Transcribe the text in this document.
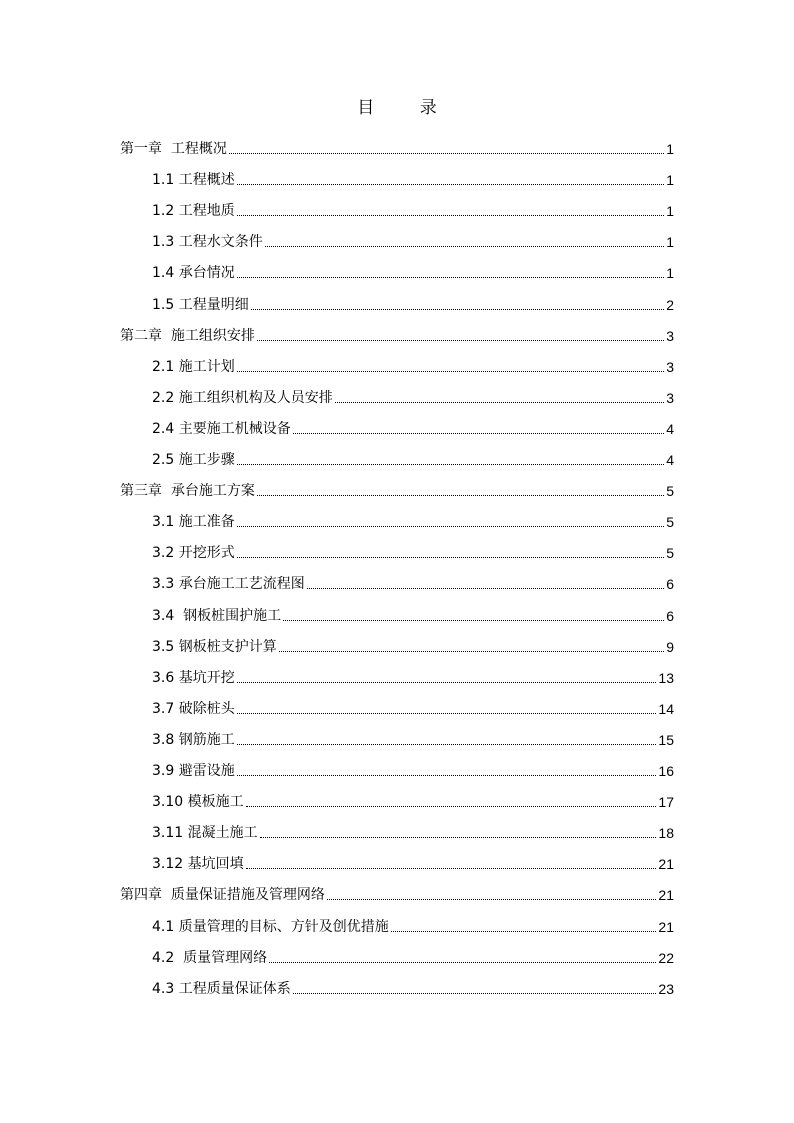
目 录
第一章  工程概况	1
1.1 工程概述	1
1.2 工程地质	1
1.3 工程水文条件	1
1.4 承台情况	1
1.5 工程量明细	2
第二章  施工组织安排	3
2.1 施工计划	3
2.2 施工组织机构及人员安排	3
2.4 主要施工机械设备	4
2.5 施工步骤	4
第三章  承台施工方案	5
3.1 施工准备	5
3.2 开挖形式	5
3.3 承台施工工艺流程图	6
3.4  钢板桩围护施工	6
3.5 钢板桩支护计算	9
3.6 基坑开挖	13
3.7 破除桩头	14
3.8 钢筋施工	15
3.9 避雷设施	16
3.10 模板施工	17
3.11 混凝土施工	18
3.12 基坑回填	21
第四章  质量保证措施及管理网络	21
4.1 质量管理的目标、方针及创优措施	21
4.2  质量管理网络	22
4.3 工程质量保证体系	23
